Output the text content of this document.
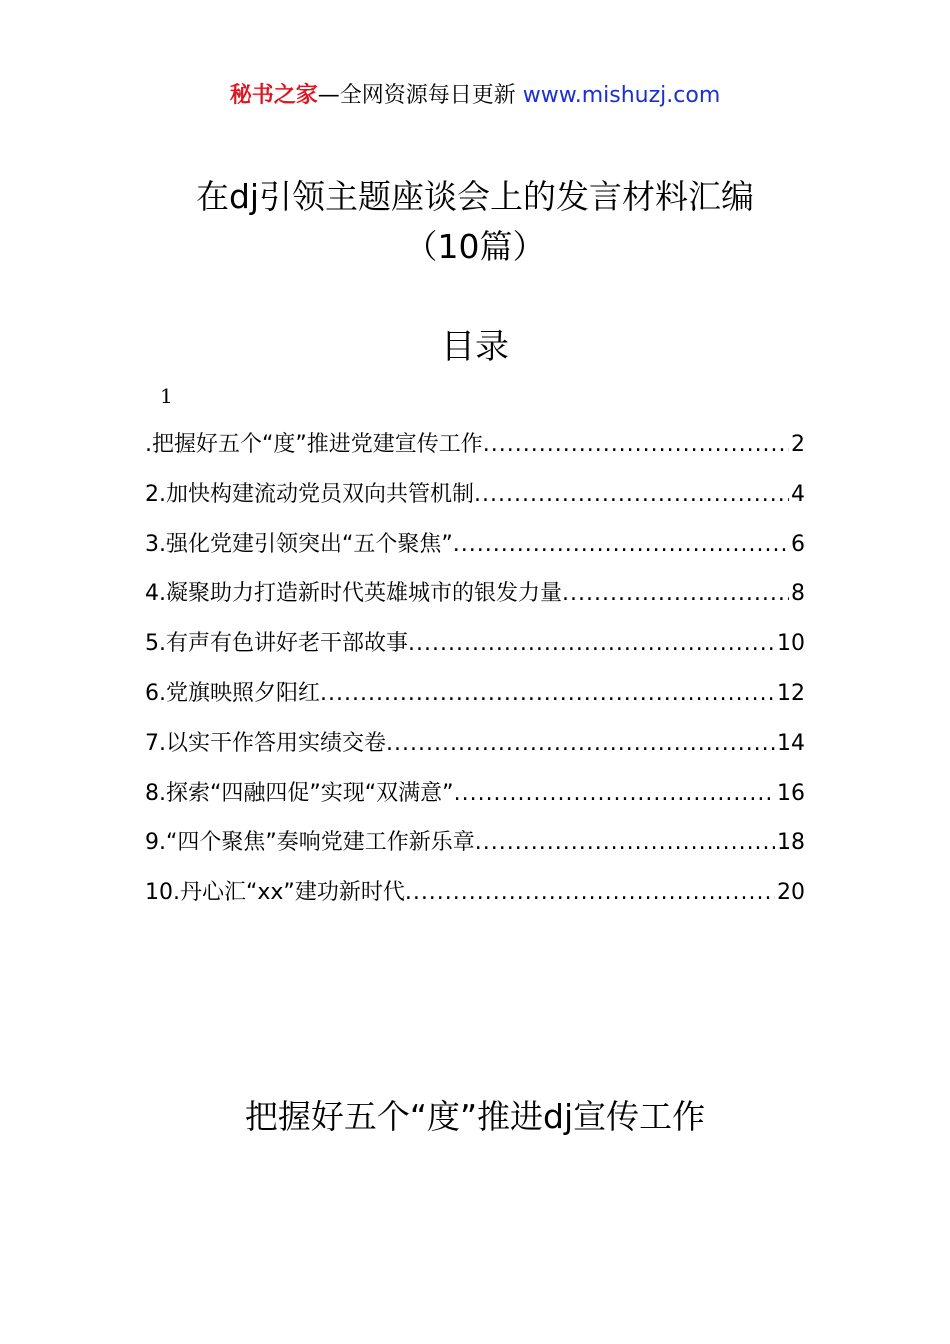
秘书之家—全网资源每日更新 www.mishuzj.com
在dj引领主题座谈会上的发言材料汇编
（10篇）
目录
1
.把握好五个“度”推进党建宣传工作 .....	2
2.加快构建流动党员双向共管机制 .....	4
3.强化党建引领突出“五个聚焦” .....	6
4.凝聚助力打造新时代英雄城市的银发力量 .....	8
5.有声有色讲好老干部故事 .....	10
6.党旗映照夕阳红 .....	12
7.以实干作答用实绩交卷 .....	14
8.探索“四融四促”实现“双满意” .....	16
9.“四个聚焦”奏响党建工作新乐章 .....	18
10.丹心汇“xx”建功新时代 .....	20
把握好五个“度”推进dj宣传工作
